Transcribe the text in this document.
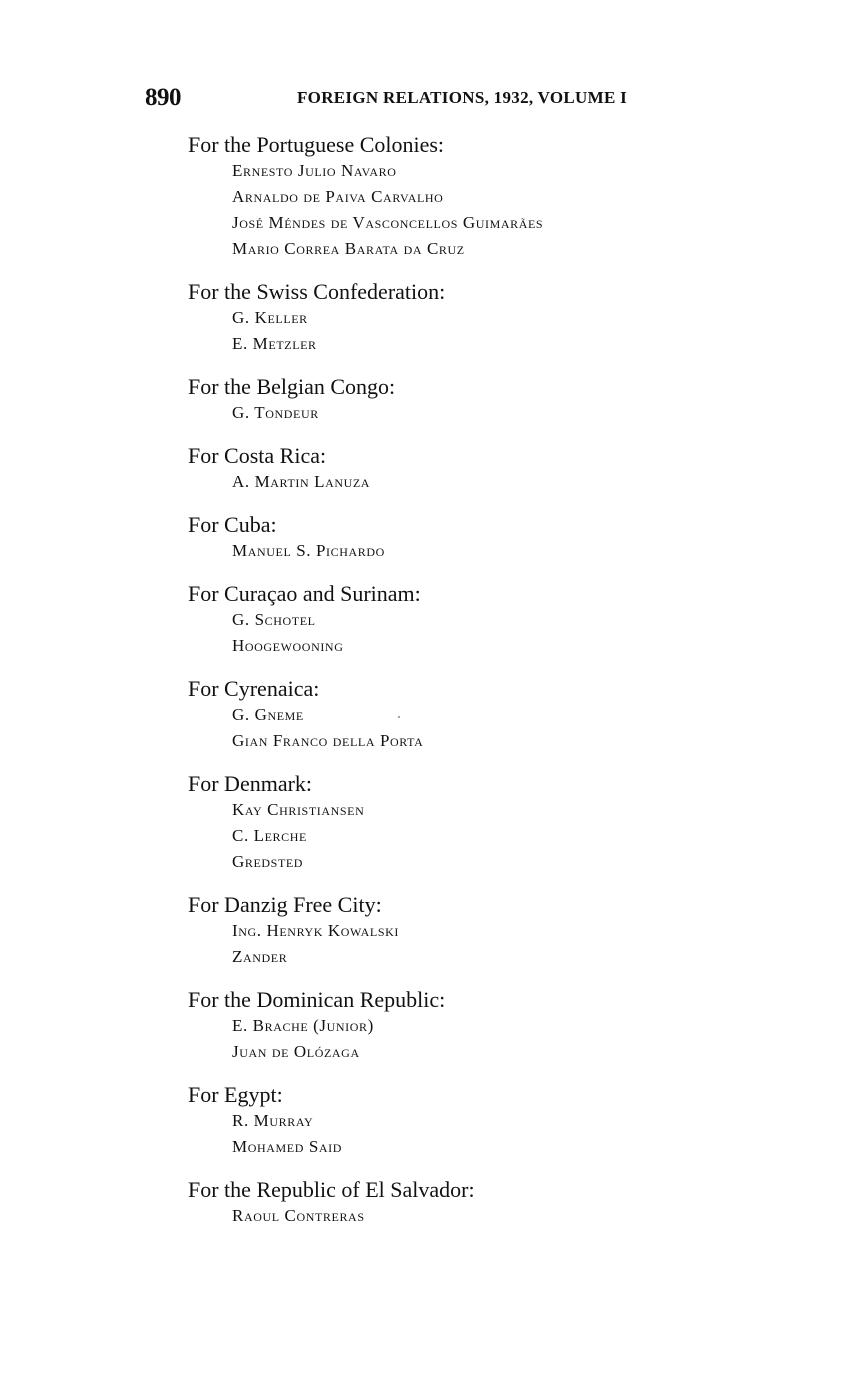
890	FOREIGN RELATIONS, 1932, VOLUME I
For the Portuguese Colonies:
Ernesto Julio Navaro
Arnaldo de Paiva Carvalho
José Méndes de Vasconcellos Guimarães
Mario Correa Barata da Cruz
For the Swiss Confederation:
G. Keller
E. Metzler
For the Belgian Congo:
G. Tondeur
For Costa Rica:
A. Martin Lanuza
For Cuba:
Manuel S. Pichardo
For Curaçao and Surinam:
G. Schotel
Hoogewooning
For Cyrenaica:
G. Gneme
Gian Franco della Porta
For Denmark:
Kay Christiansen
C. Lerche
Gredsted
For Danzig Free City:
Ing. Henryk Kowalski
Zander
For the Dominican Republic:
E. Brache (Junior)
Juan de Olózaga
For Egypt:
R. Murray
Mohamed Said
For the Republic of El Salvador:
Raoul Contreras
